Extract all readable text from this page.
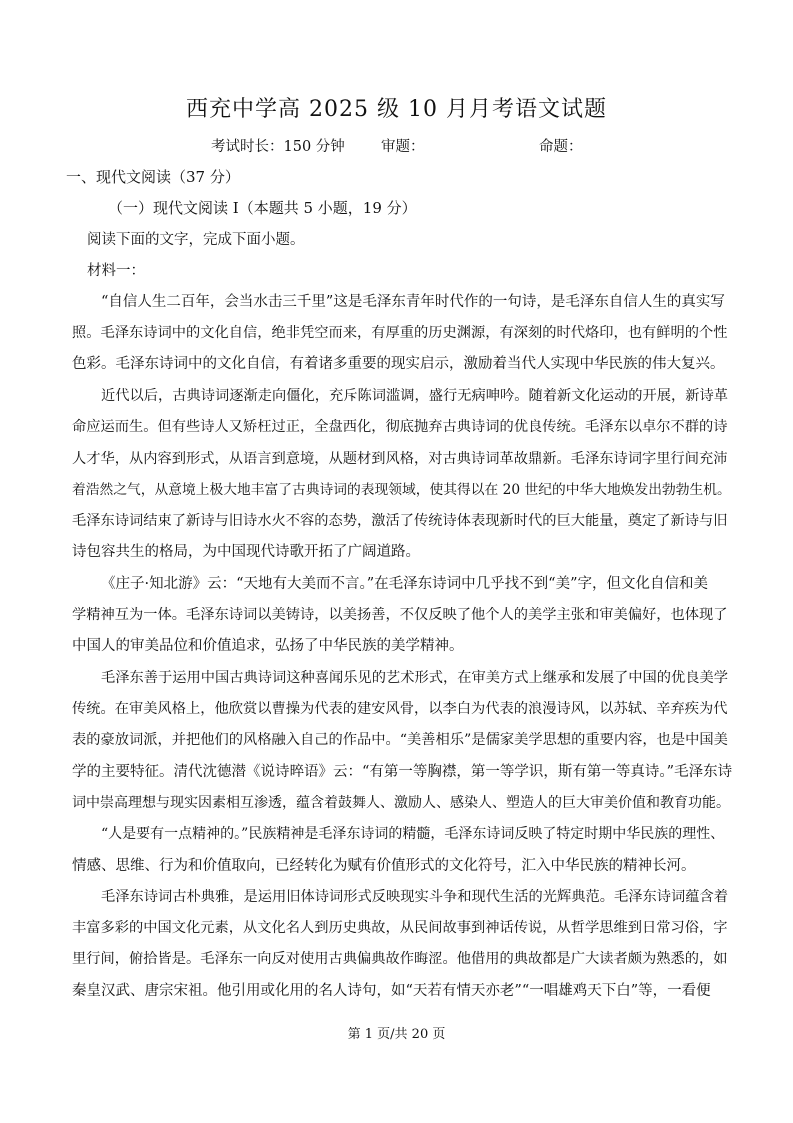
西充中学高 2025 级 10 月月考语文试题
考试时长：150 分钟 审题：	命题：
一、现代文阅读（37 分）
（一）现代文阅读 I（本题共 5 小题，19 分）
阅读下面的文字，完成下面小题。
材料一：
“自信人生二百年，会当水击三千里”这是毛泽东青年时代作的一句诗，是毛泽东自信人生的真实写
照。毛泽东诗词中的文化自信，绝非凭空而来，有厚重的历史渊源，有深刻的时代烙印，也有鲜明的个性
色彩。毛泽东诗词中的文化自信，有着诸多重要的现实启示，激励着当代人实现中华民族的伟大复兴。
近代以后，古典诗词逐渐走向僵化，充斥陈词滥调，盛行无病呻吟。随着新文化运动的开展，新诗革
命应运而生。但有些诗人又矫枉过正，全盘西化，彻底抛弃古典诗词的优良传统。毛泽东以卓尔不群的诗
人才华，从内容到形式，从语言到意境，从题材到风格，对古典诗词革故鼎新。毛泽东诗词字里行间充沛
着浩然之气，从意境上极大地丰富了古典诗词的表现领域，使其得以在 20 世纪的中华大地焕发出勃勃生机。
毛泽东诗词结束了新诗与旧诗水火不容的态势，激活了传统诗体表现新时代的巨大能量，奠定了新诗与旧
诗包容共生的格局，为中国现代诗歌开拓了广阔道路。
《庄子·知北游》云：“天地有大美而不言。”在毛泽东诗词中几乎找不到“美”字，但文化自信和美
学精神互为一体。毛泽东诗词以美铸诗，以美扬善，不仅反映了他个人的美学主张和审美偏好，也体现了
中国人的审美品位和价值追求，弘扬了中华民族的美学精神。
毛泽东善于运用中国古典诗词这种喜闻乐见的艺术形式，在审美方式上继承和发展了中国的优良美学
传统。在审美风格上，他欣赏以曹操为代表的建安风骨，以李白为代表的浪漫诗风，以苏轼、辛弃疾为代
表的豪放词派，并把他们的风格融入自己的作品中。“美善相乐”是儒家美学思想的重要内容，也是中国美
学的主要特征。清代沈德潜《说诗晬语》云：“有第一等胸襟，第一等学识，斯有第一等真诗。”毛泽东诗
词中崇高理想与现实因素相互渗透，蕴含着鼓舞人、激励人、感染人、塑造人的巨大审美价值和教育功能。
“人是要有一点精神的。”民族精神是毛泽东诗词的精髓，毛泽东诗词反映了特定时期中华民族的理性、
情感、思维、行为和价值取向，已经转化为赋有价值形式的文化符号，汇入中华民族的精神长河。
毛泽东诗词古朴典雅，是运用旧体诗词形式反映现实斗争和现代生活的光辉典范。毛泽东诗词蕴含着
丰富多彩的中国文化元素，从文化名人到历史典故，从民间故事到神话传说，从哲学思维到日常习俗，字
里行间，俯拾皆是。毛泽东一向反对使用古典偏典故作晦涩。他借用的典故都是广大读者颇为熟悉的，如
秦皇汉武、唐宗宋祖。他引用或化用的名人诗句，如“天若有情天亦老”“一唱雄鸡天下白”等，一看便
第 1 页/共 20 页
